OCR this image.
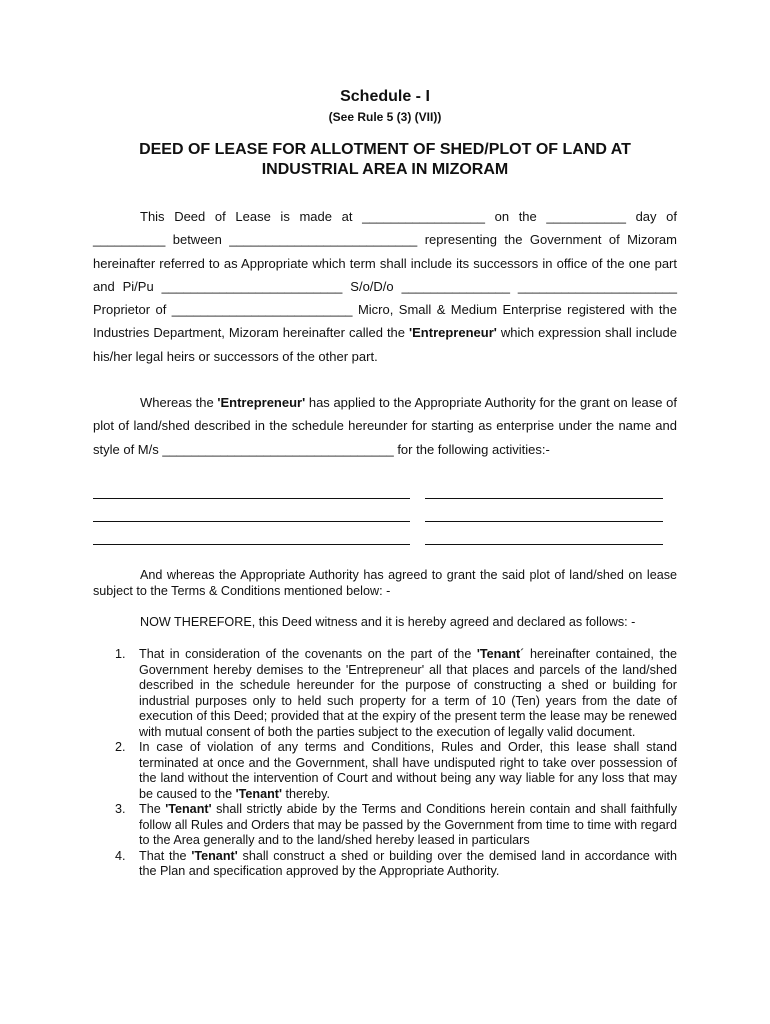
Schedule - I
(See Rule 5 (3) (VII))
DEED OF LEASE FOR ALLOTMENT OF SHED/PLOT OF LAND AT
INDUSTRIAL AREA IN MIZORAM
This Deed of Lease is made at _________________ on the ___________ day of __________ between __________________________ representing the Government of Mizoram hereinafter referred to as Appropriate which term shall include its successors in office of the one part and Pi/Pu _________________________ S/o/D/o _______________ ______________________ Proprietor of _________________________ Micro, Small & Medium Enterprise registered with the Industries Department, Mizoram hereinafter called the 'Entrepreneur' which expression shall include his/her legal heirs or successors of the other part.
Whereas the 'Entrepreneur' has applied to the Appropriate Authority for the grant on lease of plot of land/shed described in the schedule hereunder for starting as enterprise under the name and style of M/s ________________________________ for the following activities:-
And whereas the Appropriate Authority has agreed to grant the said plot of land/shed on lease subject to the Terms & Conditions mentioned below: -
NOW THEREFORE, this Deed witness and it is hereby agreed and declared as follows: -
1. That in consideration of the covenants on the part of the 'Tenant´ hereinafter contained, the Government hereby demises to the 'Entrepreneur' all that places and parcels of the land/shed described in the schedule hereunder for the purpose of constructing a shed or building for industrial purposes only to held such property for a term of 10 (Ten) years from the date of execution of this Deed; provided that at the expiry of the present term the lease may be renewed with mutual consent of both the parties subject to the execution of legally valid document.
2. In case of violation of any terms and Conditions, Rules and Order, this lease shall stand terminated at once and the Government, shall have undisputed right to take over possession of the land without the intervention of Court and without being any way liable for any loss that may be caused to the 'Tenant' thereby.
3. The 'Tenant' shall strictly abide by the Terms and Conditions herein contain and shall faithfully follow all Rules and Orders that may be passed by the Government from time to time with regard to the Area generally and to the land/shed hereby leased in particulars
4. That the 'Tenant' shall construct a shed or building over the demised land in accordance with the Plan and specification approved by the Appropriate Authority.
